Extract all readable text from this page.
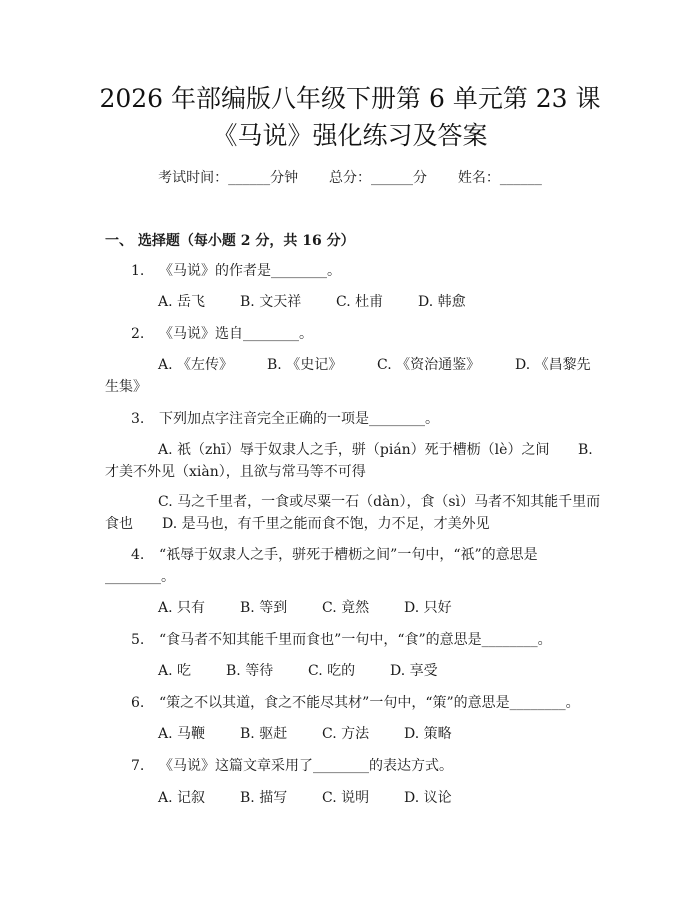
2026 年部编版八年级下册第 6 单元第 23 课
《马说》强化练习及答案
考试时间：______分钟 总分：______分 姓名：______
一、 选择题（每小题 2 分，共 16 分）
1. 《马说》的作者是________。
A. 岳飞 B. 文天祥 C. 杜甫 D. 韩愈
2. 《马说》选自________。
A. 《左传》 B. 《史记》 C. 《资治通鉴》 D. 《昌黎先
生集》
3. 下列加点字注音完全正确的一项是________。
A. 祇（zhī）辱于奴隶人之手，骈（pián）死于槽枥（lè）之间 B.
才美不外见（xiàn），且欲与常马等不可得
C. 马之千里者，一食或尽粟一石（dàn），食（sì）马者不知其能千里而
食也 D. 是马也，有千里之能而食不饱，力不足，才美外见
4. “祇辱于奴隶人之手，骈死于槽枥之间”一句中，“祇”的意思是
________。
A. 只有 B. 等到 C. 竟然 D. 只好
5. “食马者不知其能千里而食也”一句中，“食”的意思是________。
A. 吃 B. 等待 C. 吃的 D. 享受
6. “策之不以其道，食之不能尽其材”一句中，“策”的意思是________。
A. 马鞭 B. 驱赶 C. 方法 D. 策略
7. 《马说》这篇文章采用了________的表达方式。
A. 记叙 B. 描写 C. 说明 D. 议论
